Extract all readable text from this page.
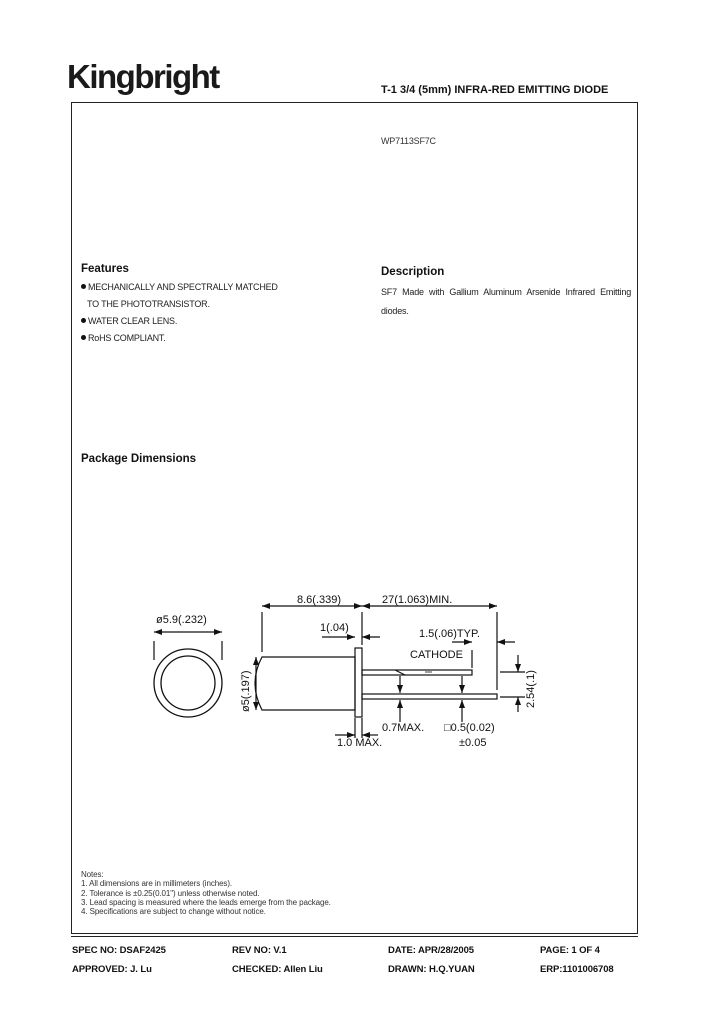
Kingbright	T-1 3/4 (5mm) INFRA-RED EMITTING DIODE
WP7113SF7C
Features
MECHANICALLY AND SPECTRALLY MATCHED
TO THE PHOTOTRANSISTOR.
WATER CLEAR LENS.
RoHS COMPLIANT.
Description
SF7 Made with Gallium Aluminum Arsenide Infrared Emitting diodes.
Package Dimensions
ø5.9(.232)
8.6(.339)	27(1.063)MIN.
1(.04)	1.5(.06)TYP.
CATHODE
0.7MAX. □0.5(0.02)
±0.05
1.0 MAX.
ø5(.197)	2.54(.1)
Notes:
1. All dimensions are in millimeters (inches).
2. Tolerance is ±0.25(0.01") unless otherwise noted.
3. Lead spacing is measured where the leads emerge from the package.
4. Specifications are subject to change without notice.
SPEC NO: DSAF2425	REV NO: V.1	DATE: APR/28/2005	PAGE: 1 OF 4
APPROVED: J. Lu	CHECKED: Allen Liu	DRAWN: H.Q.YUAN	ERP:1101006708
